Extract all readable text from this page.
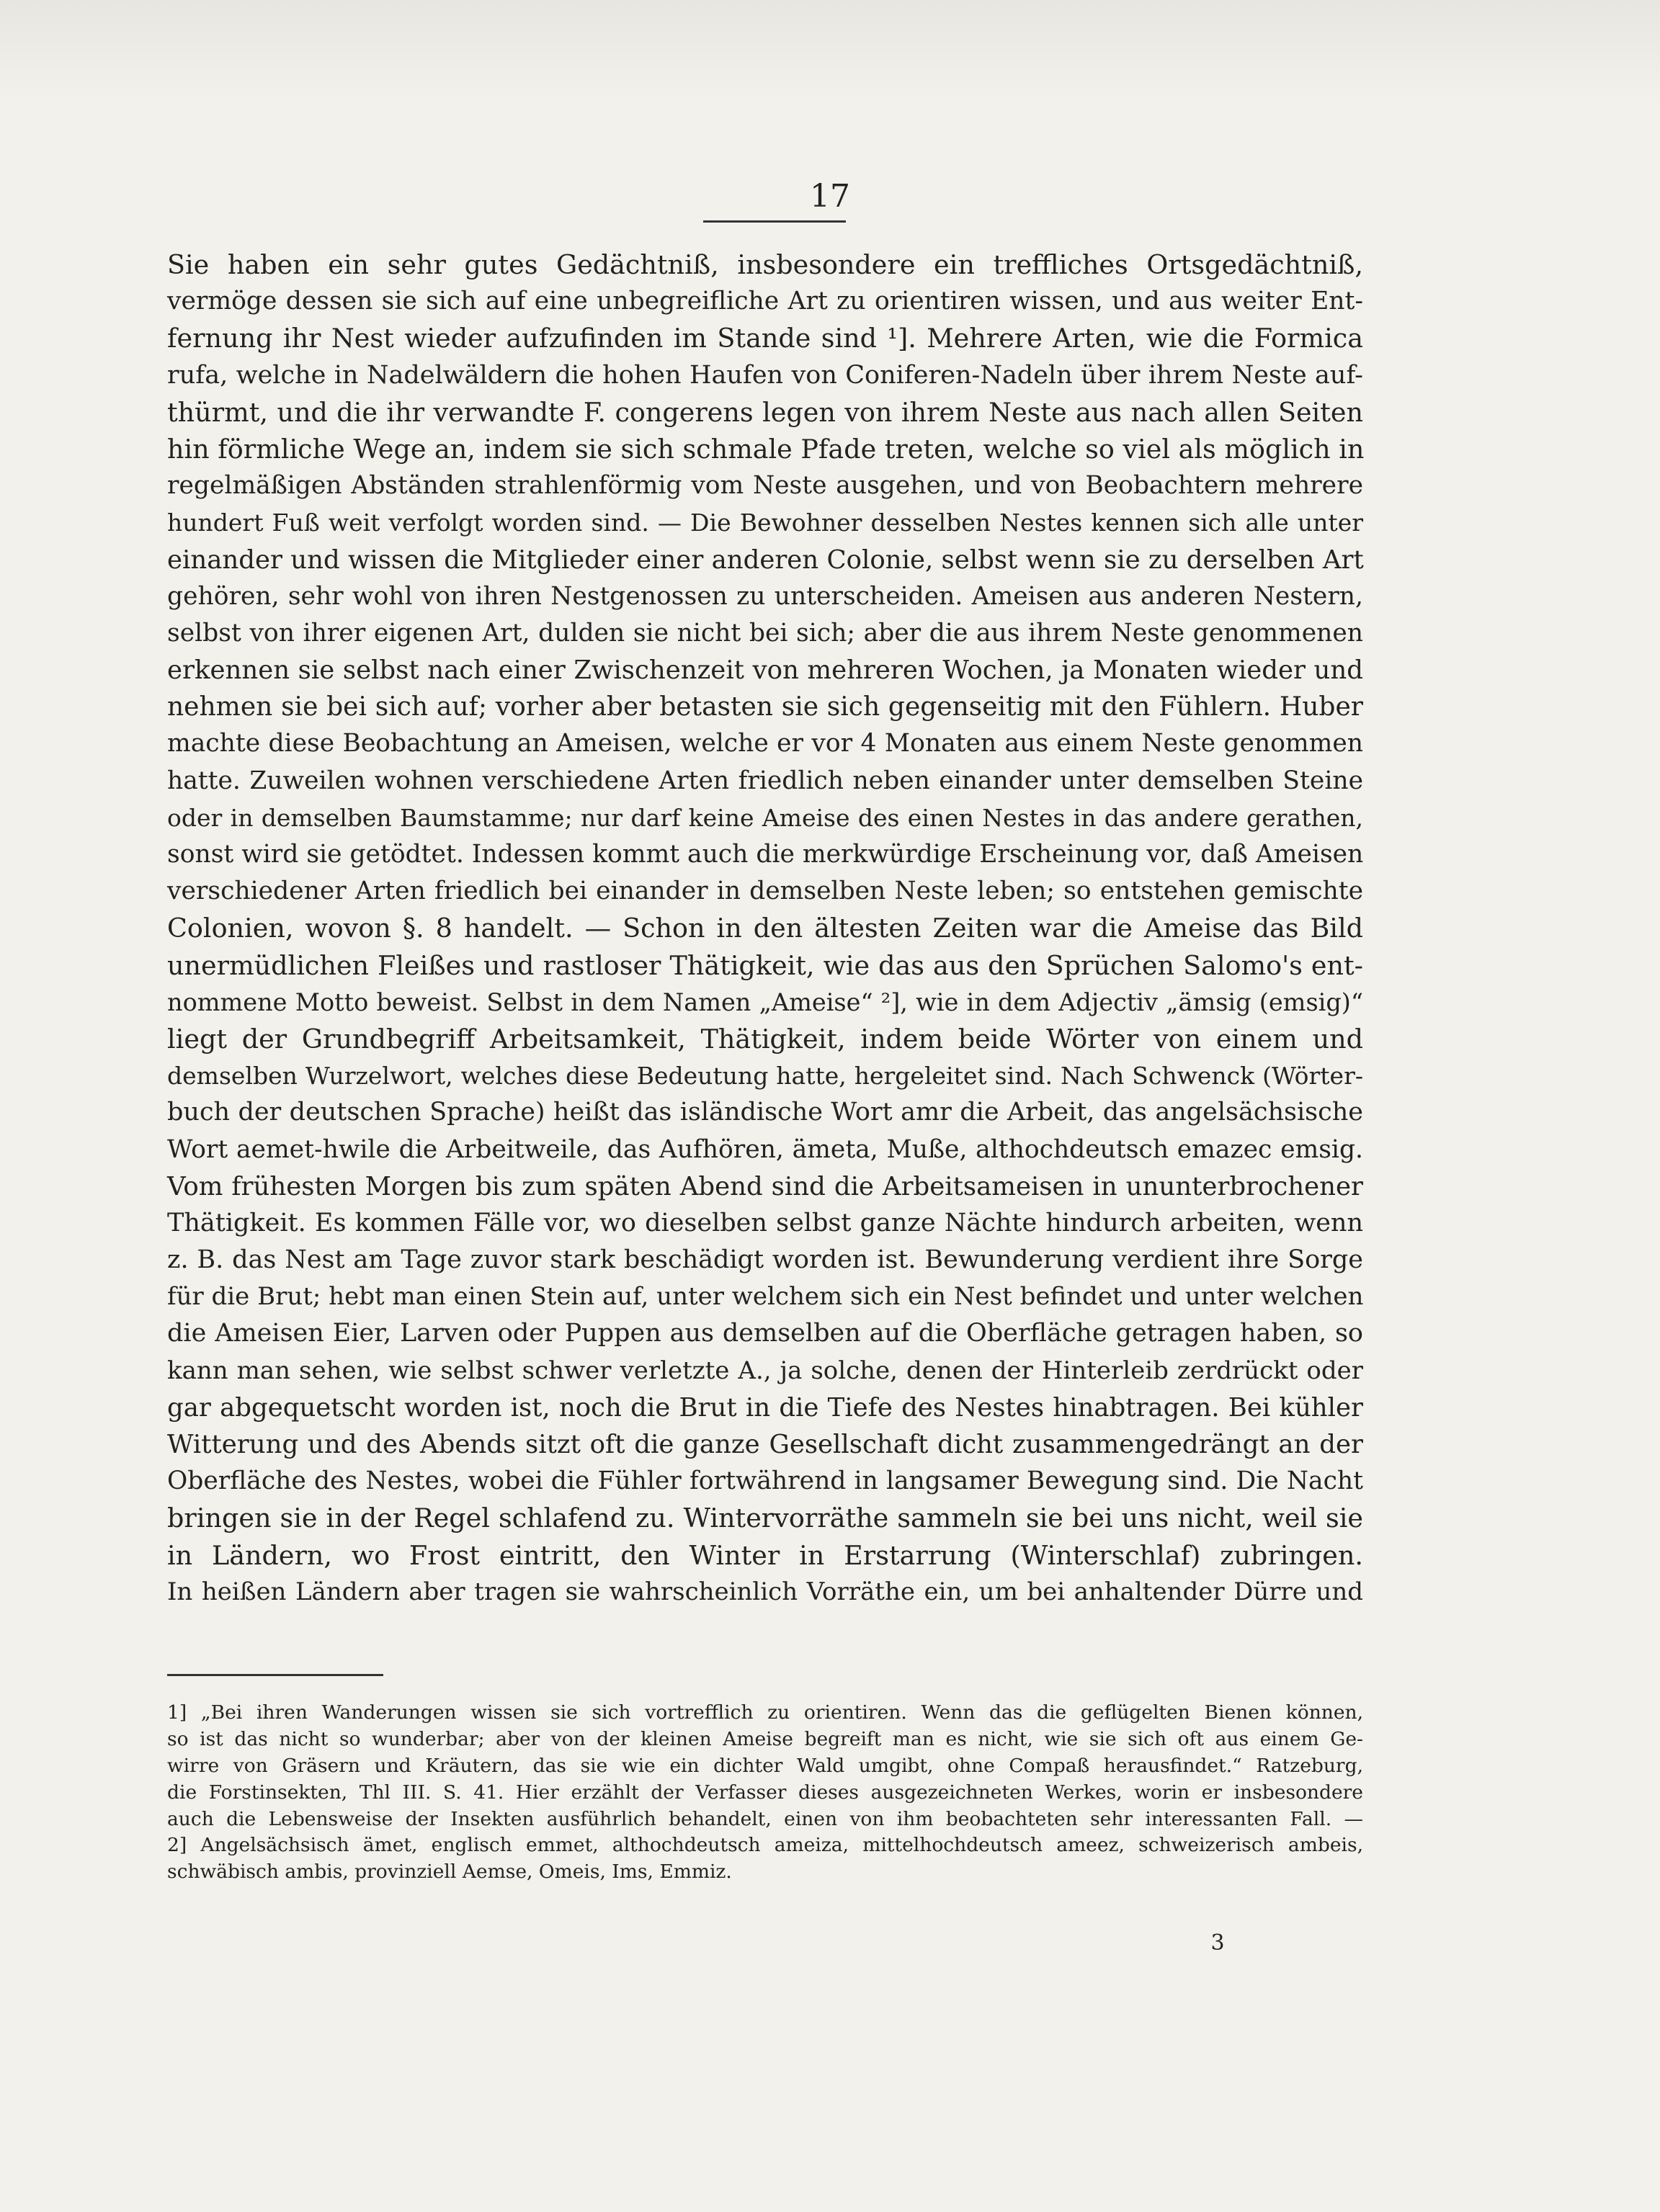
17
Sie haben ein sehr gutes Gedächtniß, insbesondere ein treffliches Ortsgedächtniß,
vermöge dessen sie sich auf eine unbegreifliche Art zu orientiren wissen, und aus weiter Ent-
fernung ihr Nest wieder aufzufinden im Stande sind ¹]. Mehrere Arten, wie die Formica
rufa, welche in Nadelwäldern die hohen Haufen von Coniferen-Nadeln über ihrem Neste auf-
thürmt, und die ihr verwandte F. congerens legen von ihrem Neste aus nach allen Seiten
hin förmliche Wege an, indem sie sich schmale Pfade treten, welche so viel als möglich in
regelmäßigen Abständen strahlenförmig vom Neste ausgehen, und von Beobachtern mehrere
hundert Fuß weit verfolgt worden sind. — Die Bewohner desselben Nestes kennen sich alle unter
einander und wissen die Mitglieder einer anderen Colonie, selbst wenn sie zu derselben Art
gehören, sehr wohl von ihren Nestgenossen zu unterscheiden. Ameisen aus anderen Nestern,
selbst von ihrer eigenen Art, dulden sie nicht bei sich; aber die aus ihrem Neste genommenen
erkennen sie selbst nach einer Zwischenzeit von mehreren Wochen, ja Monaten wieder und
nehmen sie bei sich auf; vorher aber betasten sie sich gegenseitig mit den Fühlern. Huber
machte diese Beobachtung an Ameisen, welche er vor 4 Monaten aus einem Neste genommen
hatte. Zuweilen wohnen verschiedene Arten friedlich neben einander unter demselben Steine
oder in demselben Baumstamme; nur darf keine Ameise des einen Nestes in das andere gerathen,
sonst wird sie getödtet. Indessen kommt auch die merkwürdige Erscheinung vor, daß Ameisen
verschiedener Arten friedlich bei einander in demselben Neste leben; so entstehen gemischte
Colonien, wovon §. 8 handelt. — Schon in den ältesten Zeiten war die Ameise das Bild
unermüdlichen Fleißes und rastloser Thätigkeit, wie das aus den Sprüchen Salomo's ent-
nommene Motto beweist. Selbst in dem Namen „Ameise“ ²], wie in dem Adjectiv „ämsig (emsig)“
liegt der Grundbegriff Arbeitsamkeit, Thätigkeit, indem beide Wörter von einem und
demselben Wurzelwort, welches diese Bedeutung hatte, hergeleitet sind. Nach Schwenck (Wörter-
buch der deutschen Sprache) heißt das isländische Wort amr die Arbeit, das angelsächsische
Wort aemet-hwile die Arbeitweile, das Aufhören, ämeta, Muße, althochdeutsch emazec emsig.
Vom frühesten Morgen bis zum späten Abend sind die Arbeitsameisen in ununterbrochener
Thätigkeit. Es kommen Fälle vor, wo dieselben selbst ganze Nächte hindurch arbeiten, wenn
z. B. das Nest am Tage zuvor stark beschädigt worden ist. Bewunderung verdient ihre Sorge
für die Brut; hebt man einen Stein auf, unter welchem sich ein Nest befindet und unter welchen
die Ameisen Eier, Larven oder Puppen aus demselben auf die Oberfläche getragen haben, so
kann man sehen, wie selbst schwer verletzte A., ja solche, denen der Hinterleib zerdrückt oder
gar abgequetscht worden ist, noch die Brut in die Tiefe des Nestes hinabtragen. Bei kühler
Witterung und des Abends sitzt oft die ganze Gesellschaft dicht zusammengedrängt an der
Oberfläche des Nestes, wobei die Fühler fortwährend in langsamer Bewegung sind. Die Nacht
bringen sie in der Regel schlafend zu. Wintervorräthe sammeln sie bei uns nicht, weil sie
in Ländern, wo Frost eintritt, den Winter in Erstarrung (Winterschlaf) zubringen.
In heißen Ländern aber tragen sie wahrscheinlich Vorräthe ein, um bei anhaltender Dürre und
1] „Bei ihren Wanderungen wissen sie sich vortrefflich zu orientiren. Wenn das die geflügelten Bienen können,
so ist das nicht so wunderbar; aber von der kleinen Ameise begreift man es nicht, wie sie sich oft aus einem Ge-
wirre von Gräsern und Kräutern, das sie wie ein dichter Wald umgibt, ohne Compaß herausfindet.“ Ratzeburg,
die Forstinsekten, Thl III. S. 41. Hier erzählt der Verfasser dieses ausgezeichneten Werkes, worin er insbesondere
auch die Lebensweise der Insekten ausführlich behandelt, einen von ihm beobachteten sehr interessanten Fall. —
2] Angelsächsisch ämet, englisch emmet, althochdeutsch ameiza, mittelhochdeutsch ameez, schweizerisch ambeis,
schwäbisch ambis, provinziell Aemse, Omeis, Ims, Emmiz.
3
